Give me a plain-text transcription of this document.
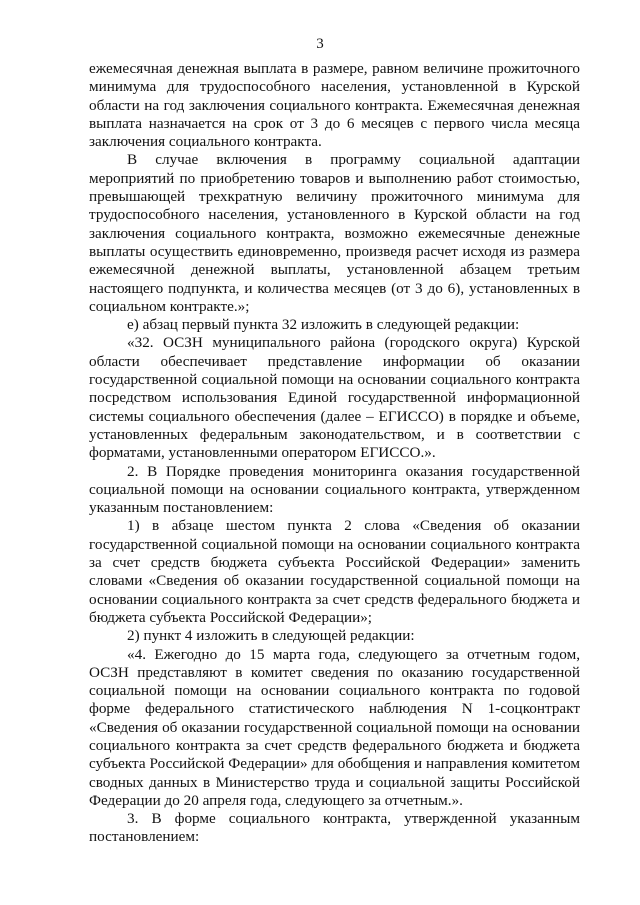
3

ежемесячная денежная выплата в размере, равном величине прожиточного минимума для трудоспособного населения, установленной в Курской области на год заключения социального контракта. Ежемесячная денежная выплата назначается на срок от 3 до 6 месяцев с первого числа месяца заключения социального контракта.

В случае включения в программу социальной адаптации мероприятий по приобретению товаров и выполнению работ стоимостью, превышающей трехкратную величину прожиточного минимума для трудоспособного населения, установленного в Курской области на год заключения социального контракта, возможно ежемесячные денежные выплаты осуществить единовременно, произведя расчет исходя из размера ежемесячной денежной выплаты, установленной абзацем третьим настоящего подпункта, и количества месяцев (от 3 до 6), установленных в социальном контракте.»;

е) абзац первый пункта 32 изложить в следующей редакции:

«32. ОСЗН муниципального района (городского округа) Курской области обеспечивает представление информации об оказании государственной социальной помощи на основании социального контракта посредством использования Единой государственной информационной системы социального обеспечения (далее – ЕГИССО) в порядке и объеме, установленных федеральным законодательством, и в соответствии с форматами, установленными оператором ЕГИССО.».

2. В Порядке проведения мониторинга оказания государственной социальной помощи на основании социального контракта, утвержденном указанным постановлением:

1) в абзаце шестом пункта 2 слова «Сведения об оказании государственной социальной помощи на основании социального контракта за счет средств бюджета субъекта Российской Федерации» заменить словами «Сведения об оказании государственной социальной помощи на основании социального контракта за счет средств федерального бюджета и бюджета субъекта Российской Федерации»;

2) пункт 4 изложить в следующей редакции:

«4. Ежегодно до 15 марта года, следующего за отчетным годом, ОСЗН представляют в комитет сведения по оказанию государственной социальной помощи на основании социального контракта по годовой форме федерального статистического наблюдения N 1-соцконтракт «Сведения об оказании государственной социальной помощи на основании социального контракта за счет средств федерального бюджета и бюджета субъекта Российской Федерации» для обобщения и направления комитетом сводных данных в Министерство труда и социальной защиты Российской Федерации до 20 апреля года, следующего за отчетным.».

3. В форме социального контракта, утвержденной указанным постановлением:
